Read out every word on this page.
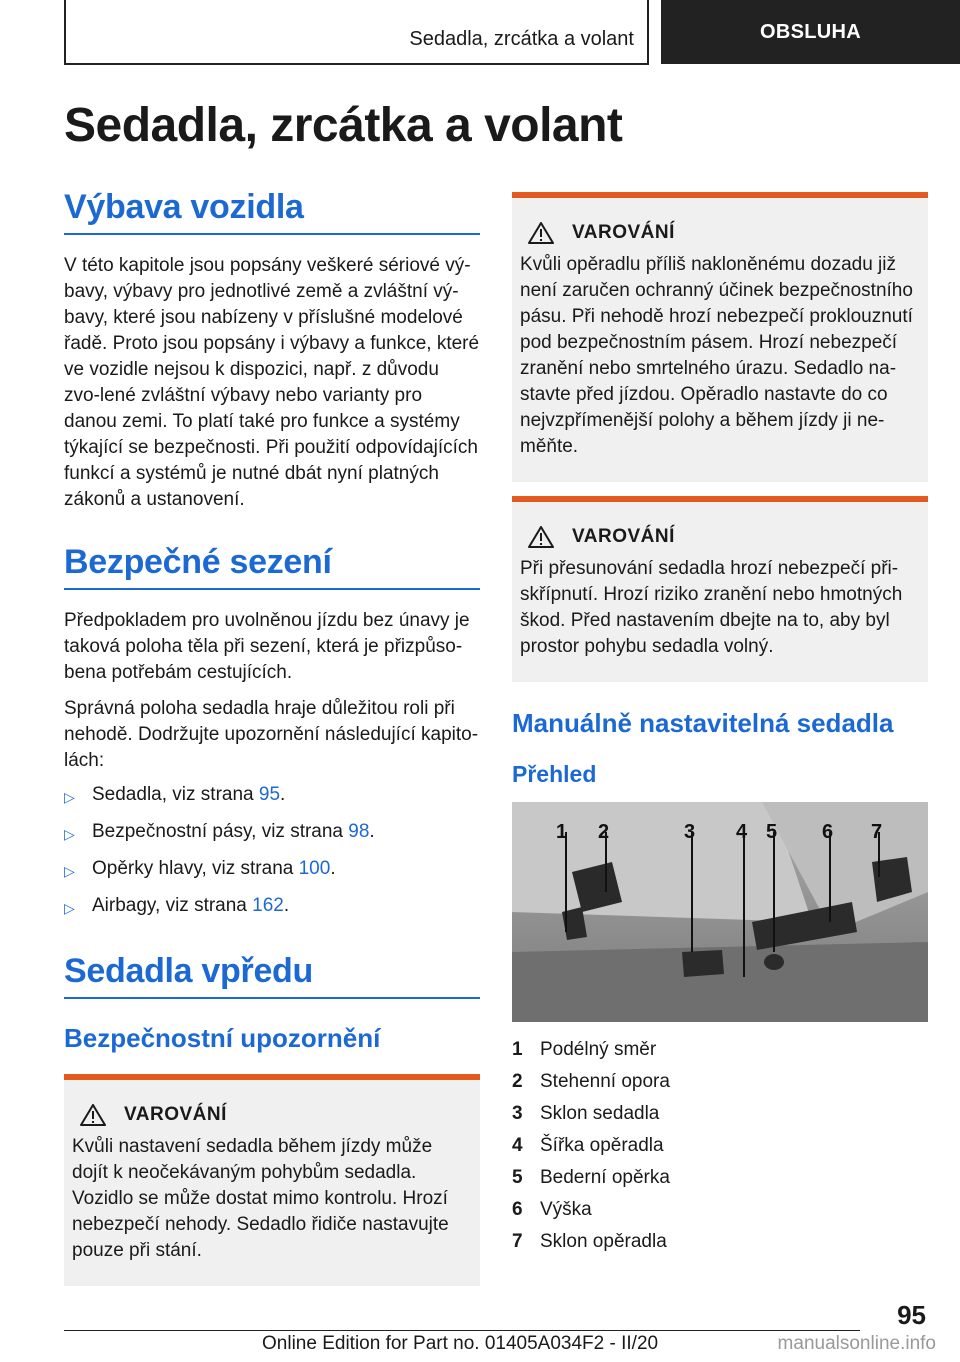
Sedadla, zrcátka a volant	OBSLUHA
Sedadla, zrcátka a volant
Výbava vozidla

V této kapitole jsou popsány veškeré sériové vý-bavy, výbavy pro jednotlivé země a zvláštní vý-bavy, které jsou nabízeny v příslušné modelové řadě. Proto jsou popsány i výbavy a funkce, které ve vozidle nejsou k dispozici, např. z důvodu zvo-lené zvláštní výbavy nebo varianty pro danou zemi. To platí také pro funkce a systémy týkající se bezpečnosti. Při použití odpovídajících funkcí a systémů je nutné dbát nyní platných zákonů a ustanovení.

Bezpečné sezení

Předpokladem pro uvolněnou jízdu bez únavy je taková poloha těla při sezení, která je přizpůso-bena potřebám cestujících.

Správná poloha sedadla hraje důležitou roli při nehodě. Dodržujte upozornění následující kapito-lách:

▷ Sedadla, viz strana 95.
▷ Bezpečnostní pásy, viz strana 98.
▷ Opěrky hlavy, viz strana 100.
▷ Airbagy, viz strana 162.
Sedadla vpředu
Bezpečnostní upozornění
VAROVÁNÍ

Kvůli nastavení sedadla během jízdy může dojít k neočekávaným pohybům sedadla. Vozidlo se může dostat mimo kontrolu. Hrozí nebezpečí nehody. Sedadlo řidiče nastavujte pouze při stání.

VAROVÁNÍ

Kvůli opěradlu příliš nakloněnému dozadu již není zaručen ochranný účinek bezpečnostního pásu. Při nehodě hrozí nebezpečí proklouznutí pod bezpečnostním pásem. Hrozí nebezpečí zranění nebo smrtelného úrazu. Sedadlo na-stavte před jízdou. Opěradlo nastavte do co nejvzpřímenější polohy a během jízdy ji ne-měňte.

VAROVÁNÍ

Při přesunování sedadla hrozí nebezpečí při-skřípnutí. Hrozí riziko zranění nebo hmotných škod. Před nastavením dbejte na to, aby byl prostor pohybu sedadla volný.

Manuálně nastavitelná sedadla
Přehled
1 2	3 4 5 6 7
1 Podélný směr
2 Stehenní opora
3 Sklon sedadla
4 Šířka opěradla
5 Bederní opěrka
6 Výška
7 Sklon opěradla
95
Online Edition for Part no. 01405A034F2 - II/20	manualsonline.info
